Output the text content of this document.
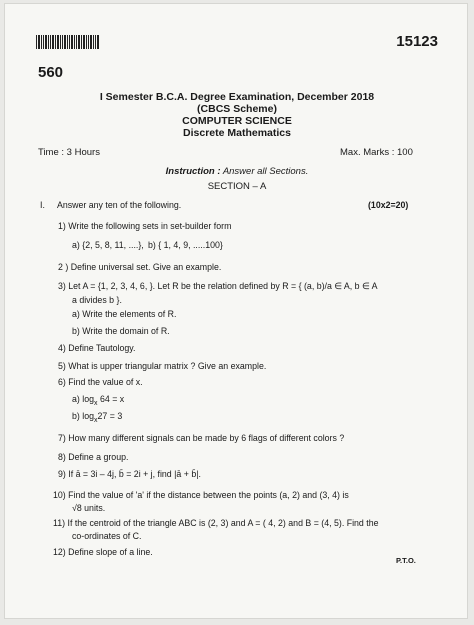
15123
560
I Semester B.C.A. Degree Examination, December 2018
(CBCS Scheme)
COMPUTER SCIENCE
Discrete Mathematics
Time : 3 Hours	Max. Marks : 100
Instruction : Answer all Sections.
SECTION – A
I. Answer any ten of the following.	(10x2=20)
1) Write the following sets in set-builder form
a) {2, 5, 8, 11, ....}, b) { 1, 4, 9, .....100}
2 ) Define universal set. Give an example.
3) Let A = {1, 2, 3, 4, 6, }. Let R be the relation defined by R = { (a, b)/a ∈ A, b ∈ A
a divides b }.
a) Write the elements of R.
b) Write the domain of R.
4) Define Tautology.
5) What is upper triangular matrix ? Give an example.
6) Find the value of x.
a) $\log_x 64 = x$
b) $\log_x27 = 3$
7) How many different signals can be made by 6 flags of different colors ?
8) Define a group.
9) If ā = 3i – 4j, b̄ = 2i + j, find |ā + b̄|.
10) Find the value of 'a' if the distance between the points (a, 2) and (3, 4) is
√8 units.
11) If the centroid of the triangle ABC is (2, 3) and A = ( 4, 2) and B = (4, 5). Find the
co-ordinates of C.
12) Define slope of a line.
P.T.O.
